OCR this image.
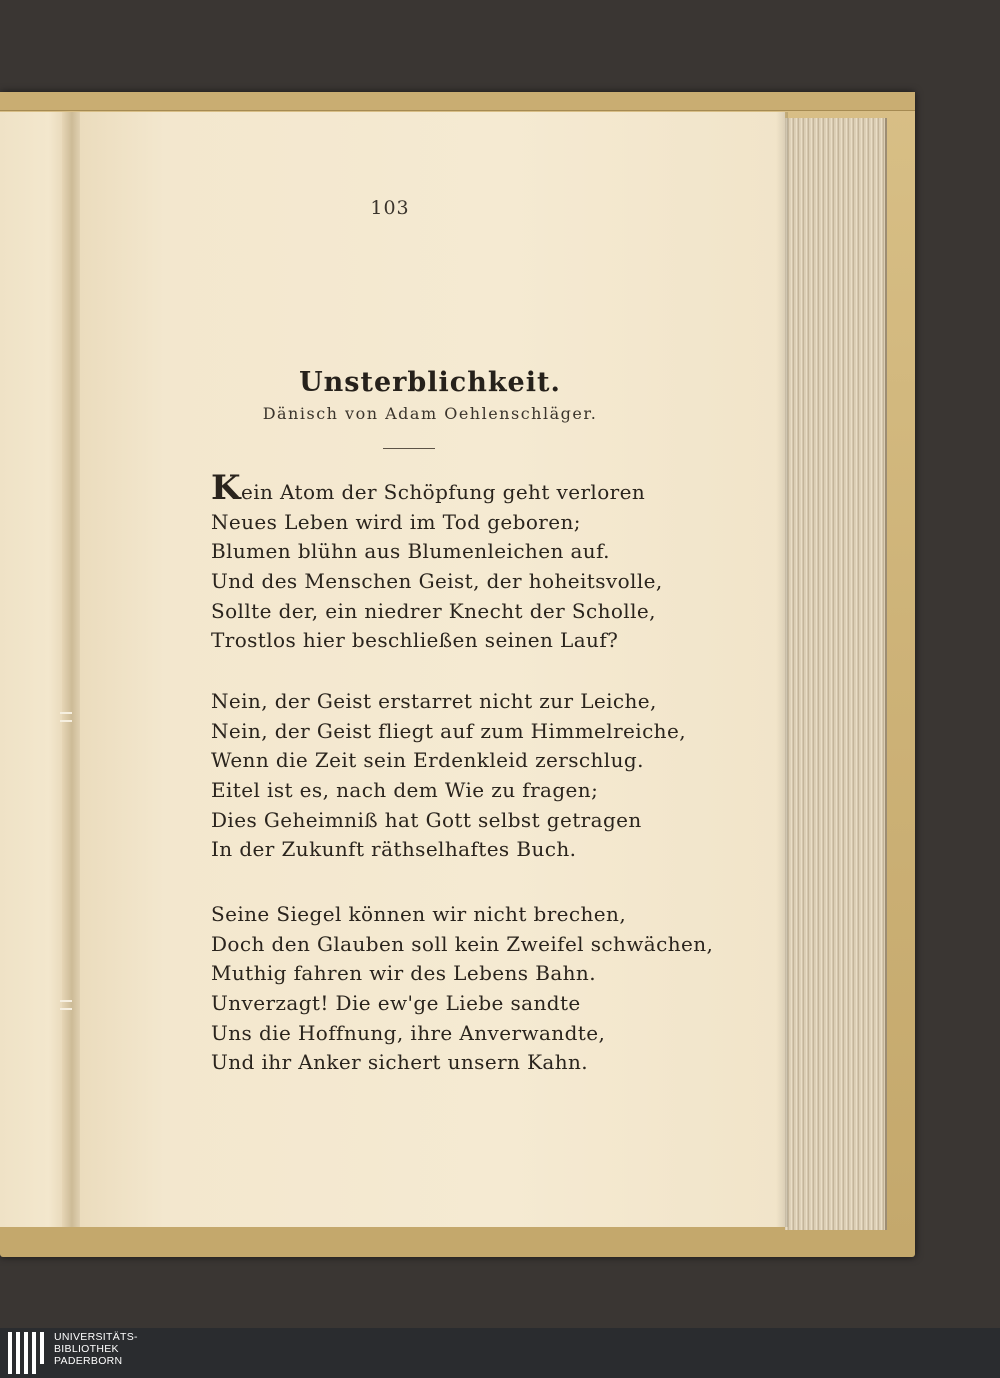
103
Unsterblichkeit.
Dänisch von Adam Oehlenschläger.
Kein Atom der Schöpfung geht verloren
Neues Leben wird im Tod geboren;
Blumen blühn aus Blumenleichen auf.
Und des Menschen Geist, der hoheitsvolle,
Sollte der, ein niedrer Knecht der Scholle,
Trostlos hier beschließen seinen Lauf?
Nein, der Geist erstarret nicht zur Leiche,
Nein, der Geist fliegt auf zum Himmelreiche,
Wenn die Zeit sein Erdenkleid zerschlug.
Eitel ist es, nach dem Wie zu fragen;
Dies Geheimniß hat Gott selbst getragen
In der Zukunft räthselhaftes Buch.
Seine Siegel können wir nicht brechen,
Doch den Glauben soll kein Zweifel schwächen,
Muthig fahren wir des Lebens Bahn.
Unverzagt! Die ew'ge Liebe sandte
Uns die Hoffnung, ihre Anverwandte,
Und ihr Anker sichert unsern Kahn.
UNIVERSITÄTS-
BIBLIOTHEK
PADERBORN
